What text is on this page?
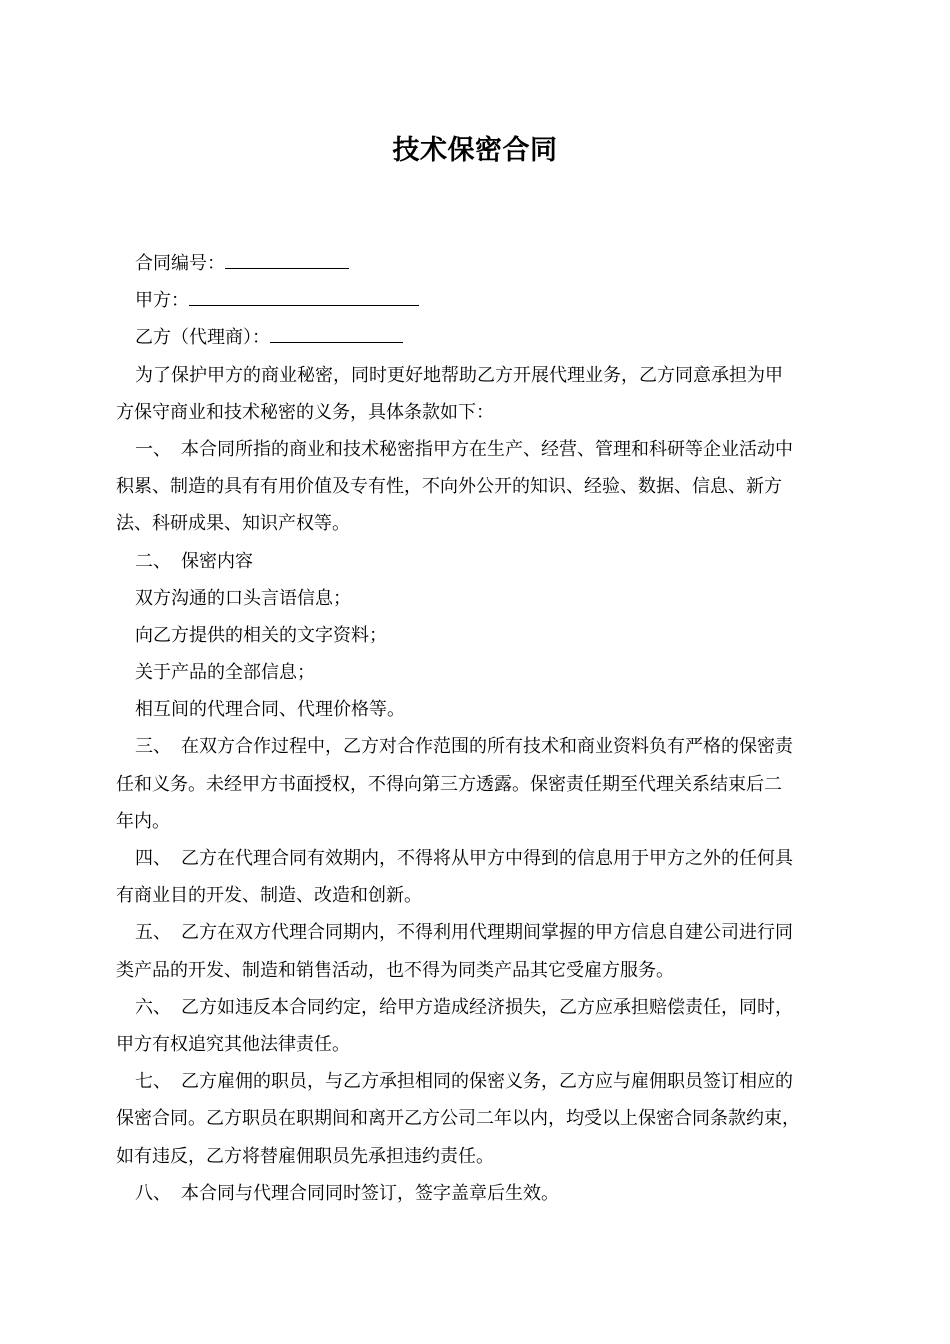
技术保密合同
合同编号：
甲方：
乙方（代理商）：
为了保护甲方的商业秘密，同时更好地帮助乙方开展代理业务，乙方同意承担为甲
方保守商业和技术秘密的义务，具体条款如下：
一、 本合同所指的商业和技术秘密指甲方在生产、经营、管理和科研等企业活动中
积累、制造的具有有用价值及专有性，不向外公开的知识、经验、数据、信息、新方
法、科研成果、知识产权等。
二、 保密内容
双方沟通的口头言语信息；
向乙方提供的相关的文字资料；
关于产品的全部信息；
相互间的代理合同、代理价格等。
三、 在双方合作过程中，乙方对合作范围的所有技术和商业资料负有严格的保密责
任和义务。未经甲方书面授权，不得向第三方透露。保密责任期至代理关系结束后二
年内。
四、 乙方在代理合同有效期内，不得将从甲方中得到的信息用于甲方之外的任何具
有商业目的开发、制造、改造和创新。
五、 乙方在双方代理合同期内，不得利用代理期间掌握的甲方信息自建公司进行同
类产品的开发、制造和销售活动，也不得为同类产品其它受雇方服务。
六、 乙方如违反本合同约定，给甲方造成经济损失，乙方应承担赔偿责任，同时，
甲方有权追究其他法律责任。
七、 乙方雇佣的职员，与乙方承担相同的保密义务，乙方应与雇佣职员签订相应的
保密合同。乙方职员在职期间和离开乙方公司二年以内，均受以上保密合同条款约束，
如有违反，乙方将替雇佣职员先承担违约责任。
八、 本合同与代理合同同时签订，签字盖章后生效。
